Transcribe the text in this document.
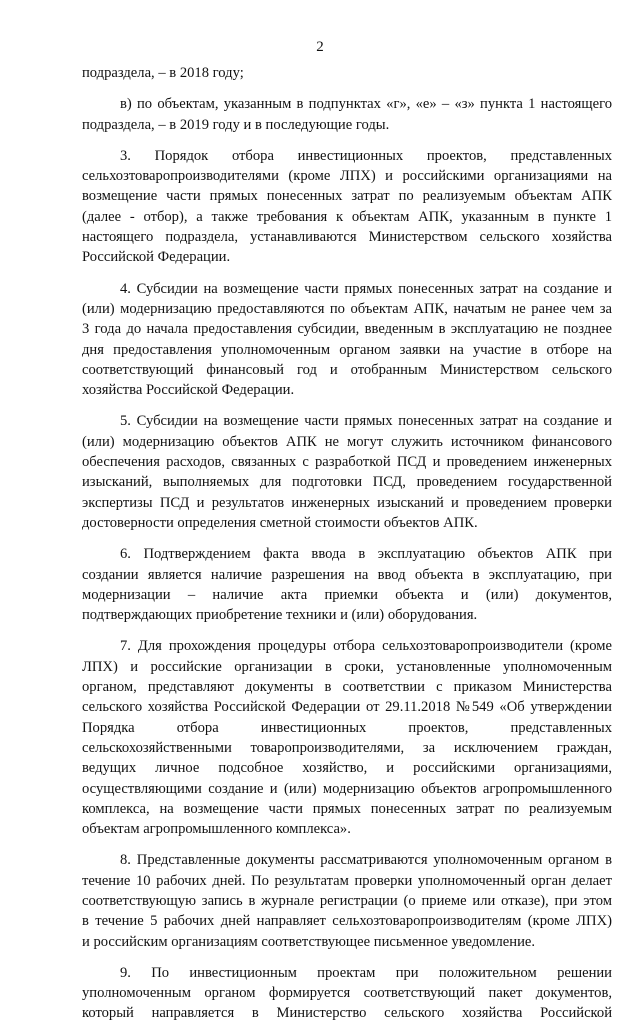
2
подраздела, – в 2018 году;
в) по объектам, указанным в подпунктах «г», «е» – «з» пункта 1 настоящего
подраздела, – в 2019 году и в последующие годы.
3. Порядок отбора инвестиционных проектов, представленных
сельхозтоваропроизводителями (кроме ЛПХ) и российскими организациями на
возмещение части прямых понесенных затрат по реализуемым объектам АПК
(далее - отбор), а также требования к объектам АПК, указанным в пункте 1
настоящего подраздела, устанавливаются Министерством сельского хозяйства
Российской Федерации.
4. Субсидии на возмещение части прямых понесенных затрат на создание и
(или) модернизацию предоставляются по объектам АПК, начатым не ранее чем за
3 года до начала предоставления субсидии, введенным в эксплуатацию не позднее
дня предоставления уполномоченным органом заявки на участие в отборе на
соответствующий финансовый год и отобранным Министерством сельского
хозяйства Российской Федерации.
5. Субсидии на возмещение части прямых понесенных затрат на создание и
(или) модернизацию объектов АПК не могут служить источником финансового
обеспечения расходов, связанных с разработкой ПСД и проведением инженерных
изысканий, выполняемых для подготовки ПСД, проведением государственной
экспертизы ПСД и результатов инженерных изысканий и проведением проверки
достоверности определения сметной стоимости объектов АПК.
6. Подтверждением факта ввода в эксплуатацию объектов АПК при
создании является наличие разрешения на ввод объекта в эксплуатацию, при
модернизации – наличие акта приемки объекта и (или) документов,
подтверждающих приобретение техники и (или) оборудования.
7. Для прохождения процедуры отбора сельхозтоваропроизводители (кроме
ЛПХ) и российские организации в сроки, установленные уполномоченным
органом, представляют документы в соответствии с приказом Министерства
сельского хозяйства Российской Федерации от 29.11.2018 №549 «Об утверждении
Порядка отбора инвестиционных проектов, представленных
сельскохозяйственными товаропроизводителями, за исключением граждан,
ведущих личное подсобное хозяйство, и российскими организациями,
осуществляющими создание и (или) модернизацию объектов агропромышленного
комплекса, на возмещение части прямых понесенных затрат по реализуемым
объектам агропромышленного комплекса».
8. Представленные документы рассматриваются уполномоченным органом в
течение 10 рабочих дней. По результатам проверки уполномоченный орган делает
соответствующую запись в журнале регистрации (о приеме или отказе), при этом
в течение 5 рабочих дней направляет сельхозтоваропроизводителям (кроме ЛПХ)
и российским организациям соответствующее письменное уведомление.
9. По инвестиционным проектам при положительном решении
уполномоченным органом формируется соответствующий пакет документов,
который направляется в Министерство сельского хозяйства Российской
